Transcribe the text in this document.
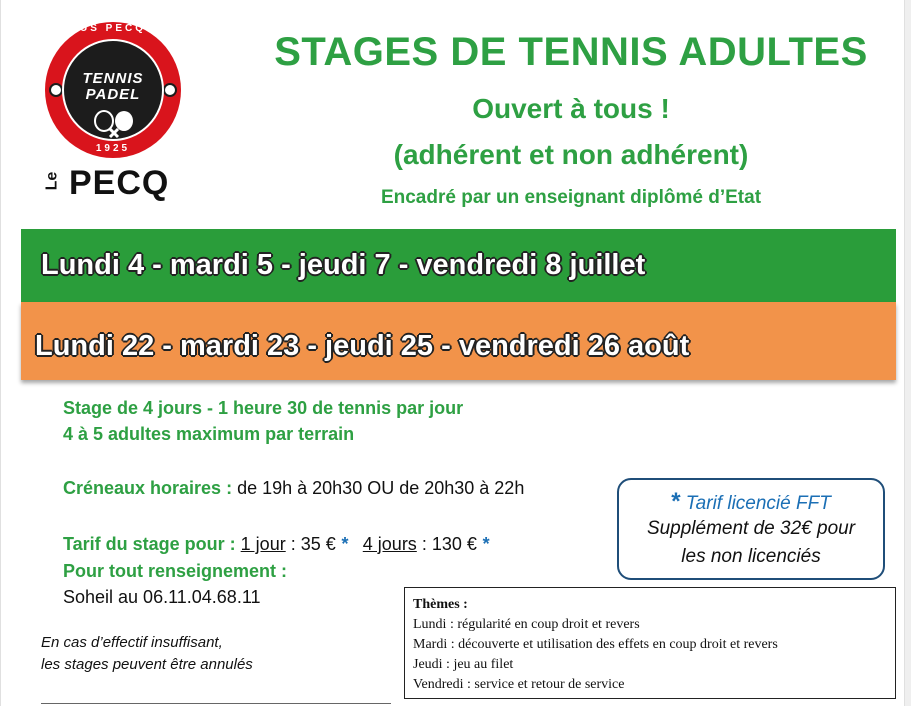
US PECQ
TENNIS
PADEL
1925
Le PECQ
STAGES DE TENNIS ADULTES
Ouvert à tous !
(adhérent et non adhérent)
Encadré par un enseignant diplômé d’Etat
Lundi 4 - mardi 5 - jeudi 7 - vendredi 8 juillet
Lundi 22 - mardi 23 - jeudi 25 - vendredi 26 août
Stage de 4 jours - 1 heure 30 de tennis par jour
4 à 5 adultes maximum par terrain
Créneaux horaires : de 19h à 20h30 OU de 20h30 à 22h
Tarif du stage pour : 1 jour : 35 € * 4 jours : 130 € *
Pour tout renseignement :
Soheil au 06.11.04.68.11
En cas d’effectif insuffisant,
les stages peuvent être annulés
* Tarif licencié FFT
Supplément de 32€ pour
les non licenciés
Thèmes :
Lundi : régularité en coup droit et revers
Mardi : découverte et utilisation des effets en coup droit et revers
Jeudi : jeu au filet
Vendredi : service et retour de service
